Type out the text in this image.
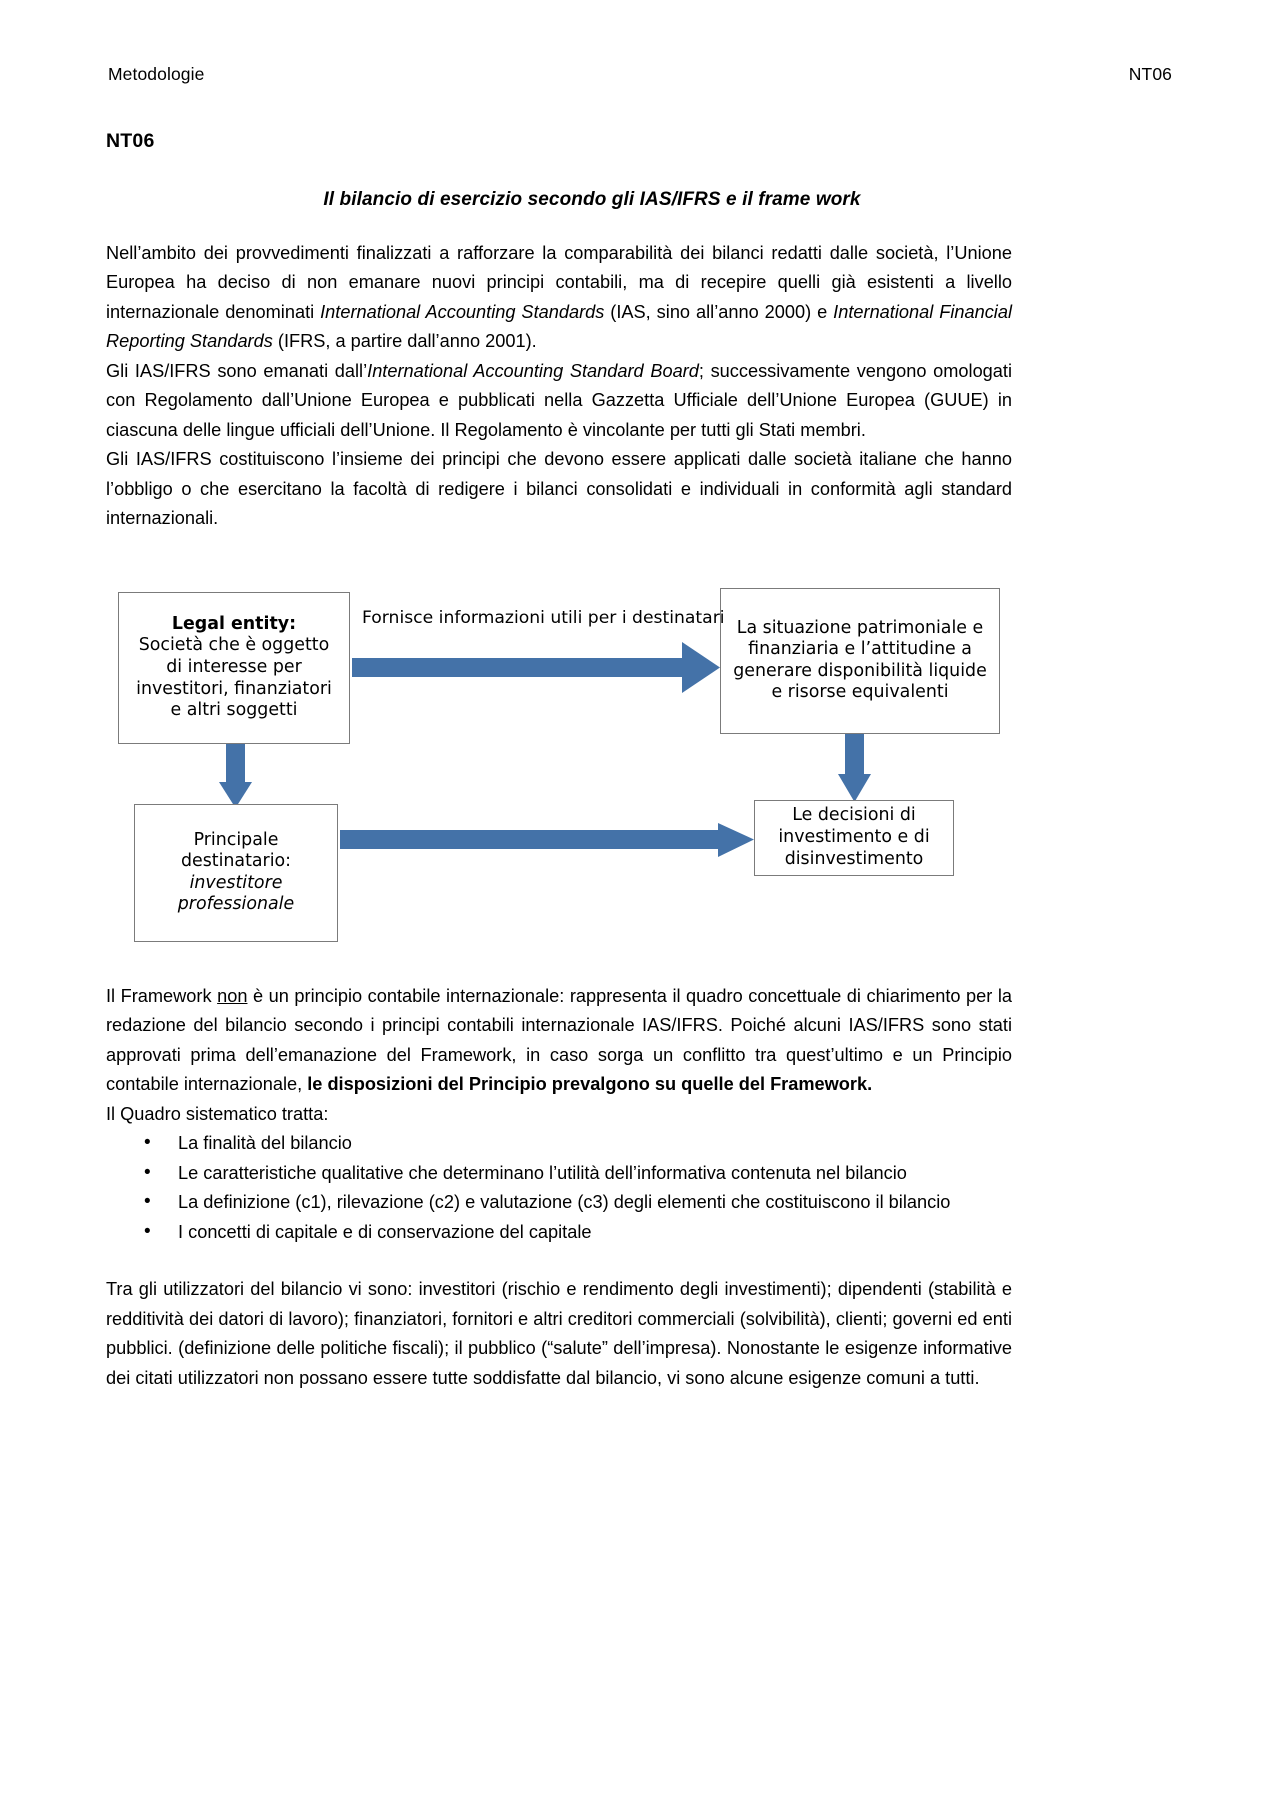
Metodologie	NT06
NT06
Il bilancio di esercizio secondo gli IAS/IFRS e il frame work

Nell’ambito dei provvedimenti finalizzati a rafforzare la comparabilità dei bilanci redatti dalle società, l’Unione Europea ha deciso di non emanare nuovi principi contabili, ma di recepire quelli già esistenti a livello internazionale denominati International Accounting Standards (IAS, sino all’anno 2000) e International Financial Reporting Standards (IFRS, a partire dall’anno 2001).

Gli IAS/IFRS sono emanati dall’International Accounting Standard Board; successivamente vengono omologati con Regolamento dall’Unione Europea e pubblicati nella Gazzetta Ufficiale dell’Unione Europea (GUUE) in ciascuna delle lingue ufficiali dell’Unione. Il Regolamento è vincolante per tutti gli Stati membri.

Gli IAS/IFRS costituiscono l’insieme dei principi che devono essere applicati dalle società italiane che hanno l’obbligo o che esercitano la facoltà di redigere i bilanci consolidati e individuali in conformità agli standard internazionali.

Fornisce informazioni utili per i destinatari
Legal entity:
Società che è oggetto
di interesse per
investitori, finanziatori
e altri soggetti
La situazione patrimoniale e
finanziaria e l’attitudine a
generare disponibilità liquide
e risorse equivalenti
Principale
destinatario:
investitore
professionale
Le decisioni di
investimento e di
disinvestimento

Il Framework non è un principio contabile internazionale: rappresenta il quadro concettuale di chiarimento per la redazione del bilancio secondo i principi contabili internazionale IAS/IFRS. Poiché alcuni IAS/IFRS sono stati approvati prima dell’emanazione del Framework, in caso sorga un conflitto tra quest’ultimo e un Principio contabile internazionale, le disposizioni del Principio prevalgono su quelle del Framework.

Il Quadro sistematico tratta:

• La finalità del bilancio
• Le caratteristiche qualitative che determinano l’utilità dell’informativa contenuta nel bilancio
• La definizione (c1), rilevazione (c2) e valutazione (c3) degli elementi che costituiscono il bilancio
• I concetti di capitale e di conservazione del capitale

Tra gli utilizzatori del bilancio vi sono: investitori (rischio e rendimento degli investimenti); dipendenti (stabilità e redditività dei datori di lavoro); finanziatori, fornitori e altri creditori commerciali (solvibilità), clienti; governi ed enti pubblici. (definizione delle politiche fiscali); il pubblico (“salute” dell’impresa). Nonostante le esigenze informative dei citati utilizzatori non possano essere tutte soddisfatte dal bilancio, vi sono alcune esigenze comuni a tutti.
